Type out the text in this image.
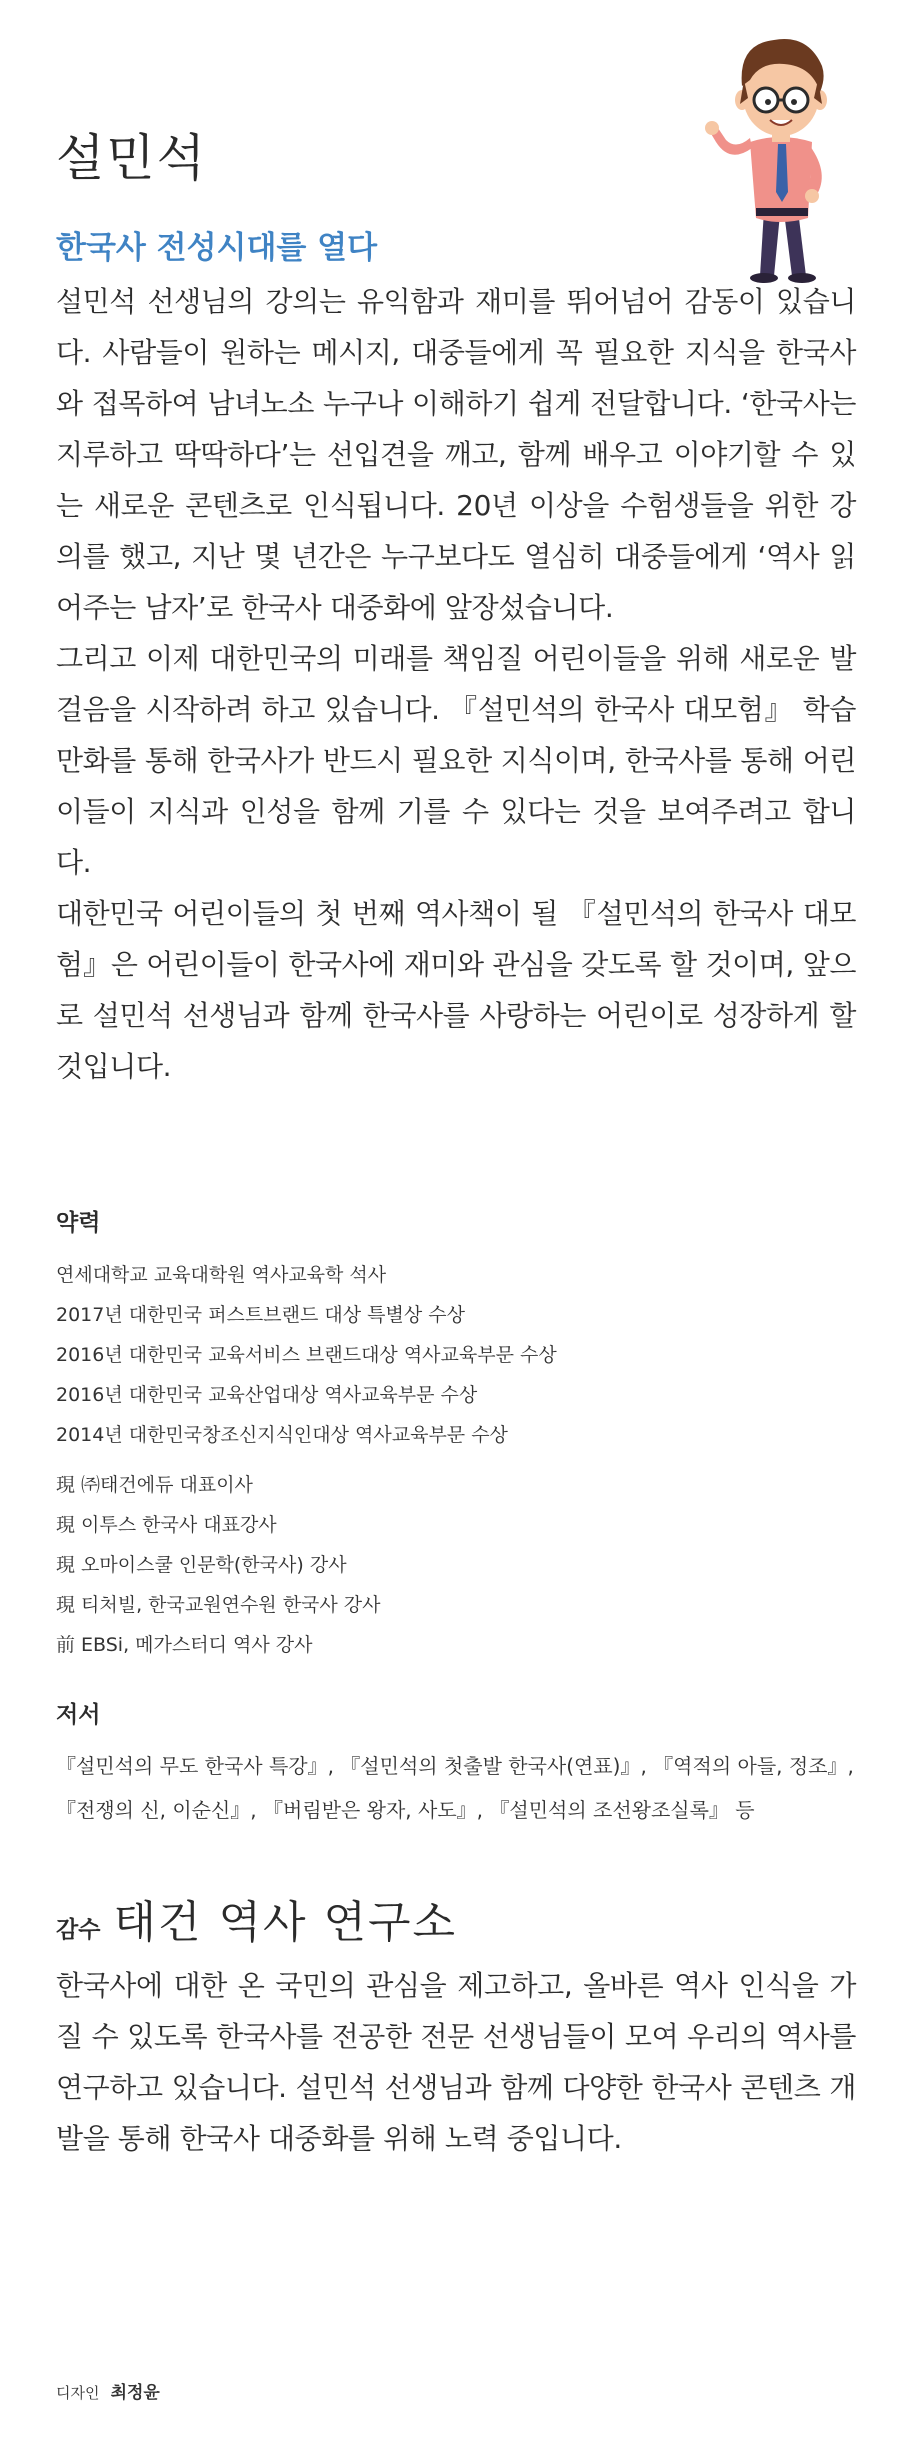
설민석
한국사 전성시대를 열다

설민석 선생님의 강의는 유익함과 재미를 뛰어넘어 감동이 있습니다. 사람들이 원하는 메시지, 대중들에게 꼭 필요한 지식을 한국사와 접목하여 남녀노소 누구나 이해하기 쉽게 전달합니다. ‘한국사는 지루하고 딱딱하다’는 선입견을 깨고, 함께 배우고 이야기할 수 있는 새로운 콘텐츠로 인식됩니다. 20년 이상을 수험생들을 위한 강의를 했고, 지난 몇 년간은 누구보다도 열심히 대중들에게 ‘역사 읽어주는 남자’로 한국사 대중화에 앞장섰습니다.

그리고 이제 대한민국의 미래를 책임질 어린이들을 위해 새로운 발걸음을 시작하려 하고 있습니다. 『설민석의 한국사 대모험』 학습 만화를 통해 한국사가 반드시 필요한 지식이며, 한국사를 통해 어린이들이 지식과 인성을 함께 기를 수 있다는 것을 보여주려고 합니다.

대한민국 어린이들의 첫 번째 역사책이 될 『설민석의 한국사 대모험』은 어린이들이 한국사에 재미와 관심을 갖도록 할 것이며, 앞으로 설민석 선생님과 함께 한국사를 사랑하는 어린이로 성장하게 할 것입니다.

약력
연세대학교 교육대학원 역사교육학 석사
2017년 대한민국 퍼스트브랜드 대상 특별상 수상
2016년 대한민국 교육서비스 브랜드대상 역사교육부문 수상
2016년 대한민국 교육산업대상 역사교육부문 수상
2014년 대한민국창조신지식인대상 역사교육부문 수상
現 ㈜태건에듀 대표이사
現 이투스 한국사 대표강사
現 오마이스쿨 인문학(한국사) 강사
現 티처빌, 한국교원연수원 한국사 강사
前 EBSi, 메가스터디 역사 강사
저서

『설민석의 무도 한국사 특강』, 『설민석의 첫출발 한국사(연표)』, 『역적의 아들, 정조』, 『전쟁의 신, 이순신』, 『버림받은 왕자, 사도』, 『설민석의 조선왕조실록』 등

감수 태건 역사 연구소

한국사에 대한 온 국민의 관심을 제고하고, 올바른 역사 인식을 가질 수 있도록 한국사를 전공한 전문 선생님들이 모여 우리의 역사를 연구하고 있습니다. 설민석 선생님과 함께 다양한 한국사 콘텐츠 개발을 통해 한국사 대중화를 위해 노력 중입니다.

디자인 최정윤
